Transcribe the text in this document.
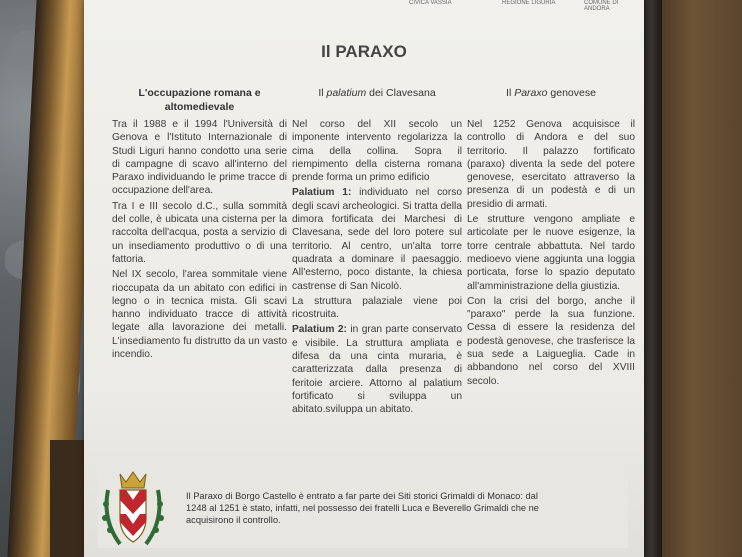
CIVICA VASSIA	REGIONE LIGURIA	COMUNE DI ANDORA
Il PARAXO
L'occupazione romana e
altomedievale

Tra il 1988 e il 1994 l'Università di Genova e l'Istituto Internazionale di Studi Liguri hanno condotto una serie di campagne di scavo all'interno del Paraxo individuando le prime tracce di occupazione dell'area.

Tra I e III secolo d.C., sulla sommità del colle, è ubicata una cisterna per la raccolta dell'acqua, posta a servizio di un insediamento produttivo o di una fattoria.

Nel IX secolo, l'area sommitale viene rioccupata da un abitato con edifici in legno o in tecnica mista. Gli scavi hanno individuato tracce di attività legate alla lavorazione dei metalli. L'insediamento fu distrutto da un vasto incendio.

Il palatium dei Clavesana

Nel corso del XII secolo un imponente intervento regolarizza la cima della collina. Sopra il riempimento della cisterna romana prende forma un primo edificio

Palatium 1: individuato nel corso degli scavi archeologici. Si tratta della dimora fortificata dei Marchesi di Clavesana, sede del loro potere sul territorio. Al centro, un'alta torre quadrata a dominare il paesaggio. All'esterno, poco distante, la chiesa castrense di San Nicolò.

La struttura palaziale viene poi ricostruita.

Palatium 2: in gran parte conservato e visibile. La struttura ampliata e difesa da una cinta muraria, è caratterizzata dalla presenza di feritoie arciere. Attorno al palatium fortificato si sviluppa un abitato.sviluppa un abitato.

Il Paraxo genovese

Nel 1252 Genova acquisisce il controllo di Andora e del suo territorio. Il palazzo fortificato (paraxo) diventa la sede del potere genovese, esercitato attraverso la presenza di un podestà e di un presidio di armati.

Le strutture vengono ampliate e articolate per le nuove esigenze, la torre centrale abbattuta. Nel tardo medioevo viene aggiunta una loggia porticata, forse lo spazio deputato all'amministrazione della giustizia.

Con la crisi del borgo, anche il "paraxo" perde la sua funzione. Cessa di essere la residenza del podestà genovese, che trasferisce la sua sede a Laigueglia. Cade in abbandono nel corso del XVIII secolo.

Il Paraxo di Borgo Castello è entrato a far parte dei Siti storici Grimaldi di Monaco: dal 1248 al 1251 è stato, infatti, nel possesso dei fratelli Luca e Beverello Grimaldi che ne acquisirono il controllo.
